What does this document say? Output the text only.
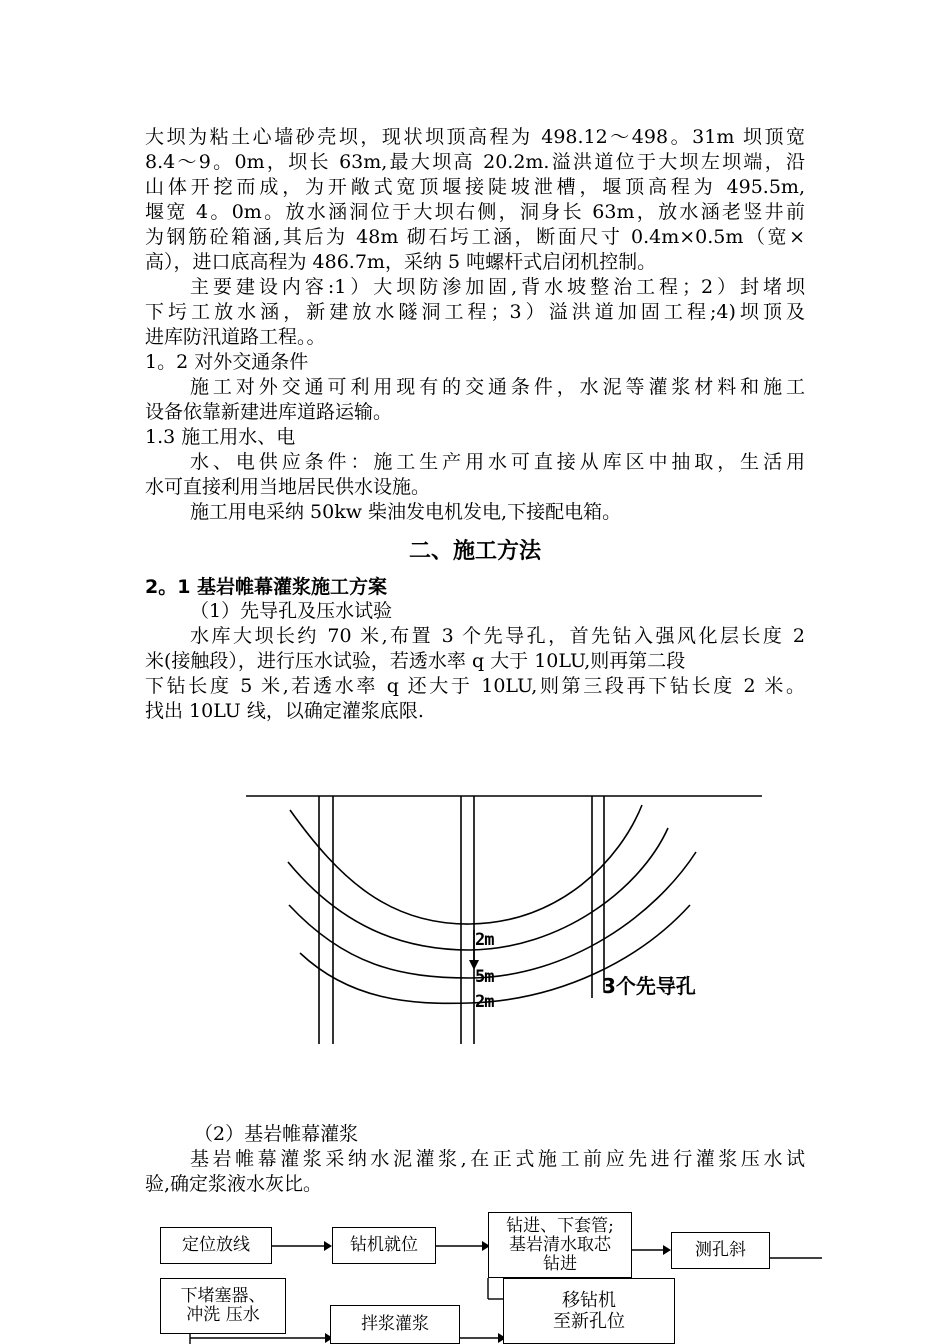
大坝为粘土心墙砂壳坝，现状坝顶高程为 498.12～498。31m 坝顶宽
8.4～9。0m，坝长 63m,最大坝高 20.2m.溢洪道位于大坝左坝端，沿
山体开挖而成，为开敞式宽顶堰接陡坡泄槽，堰顶高程为 495.5m,
堰宽 4。0m。放水涵洞位于大坝右侧，洞身长 63m，放水涵老竖井前
为钢筋砼箱涵,其后为 48m 砌石圬工涵，断面尺寸 0.4m×0.5m（宽×
高），进口底高程为 486.7m，采纳 5 吨螺杆式启闭机控制。
主要建设内容:1）大坝防渗加固,背水坡整治工程；2）封堵坝
下圬工放水涵，新建放水隧洞工程；3）溢洪道加固工程;4)坝顶及
进库防汛道路工程。。
1。2 对外交通条件
施工对外交通可利用现有的交通条件，水泥等灌浆材料和施工
设备依靠新建进库道路运输。
1.3 施工用水、电
水、电供应条件：施工生产用水可直接从库区中抽取，生活用
水可直接利用当地居民供水设施。
施工用电采纳 50kw 柴油发电机发电,下接配电箱。
二、施工方法
2。1 基岩帷幕灌浆施工方案
（1）先导孔及压水试验
水库大坝长约 70 米,布置 3 个先导孔，首先钻入强风化层长度 2
米(接触段），进行压水试验，若透水率 q 大于 10LU,则再第二段
下钻长度 5 米,若透水率 q 还大于 10LU,则第三段再下钻长度 2 米。
找出 10LU 线，以确定灌浆底限.
2m
5m
2m
3个先导孔
（2）基岩帷幕灌浆
基岩帷幕灌浆采纳水泥灌浆,在正式施工前应先进行灌浆压水试
验,确定浆液水灰比。
定位放线	钻机就位
钻进、下套管;
基岩清水取芯
钻进
测孔斜
下堵塞器、
冲洗 压水	拌浆灌浆
移钻机
至新孔位
